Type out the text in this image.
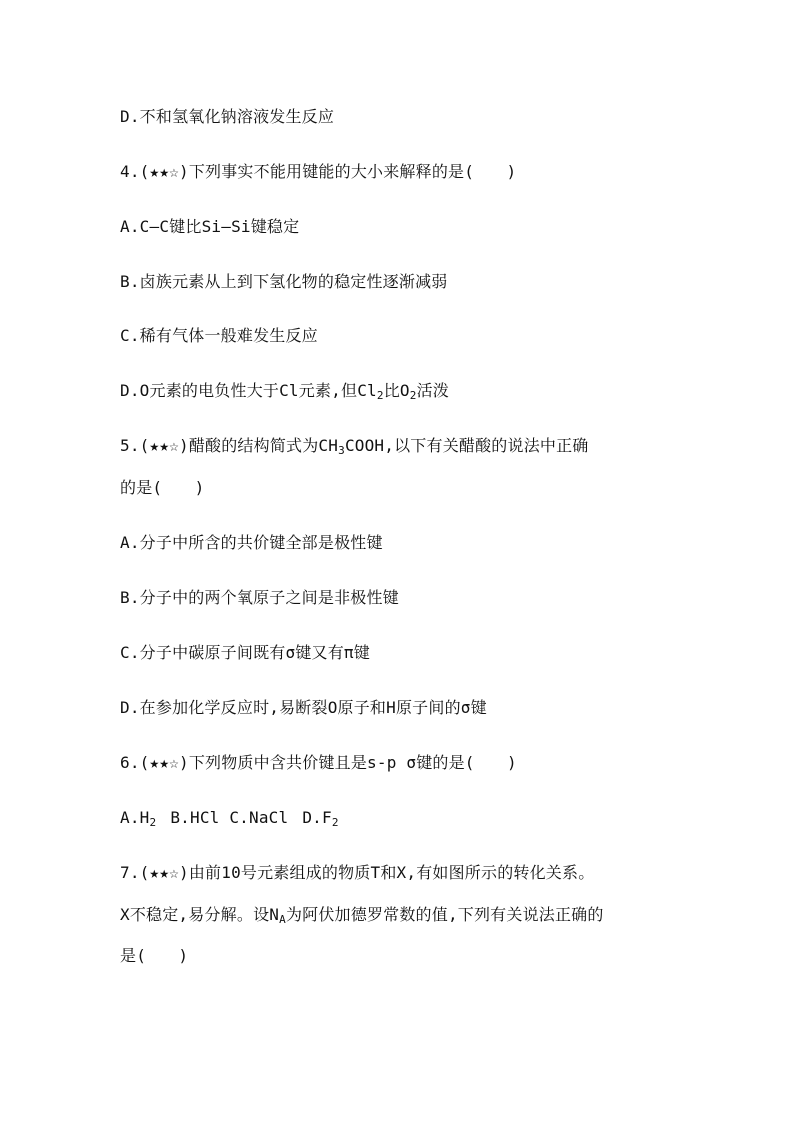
D.不和氢氧化钠溶液发生反应
4.(★★☆)下列事实不能用键能的大小来解释的是(　　)
A.C—C键比Si—Si键稳定
B.卤族元素从上到下氢化物的稳定性逐渐减弱
C.稀有气体一般难发生反应
D.O元素的电负性大于Cl元素,但$Cl_2$比$O_2$活泼
5.(★★☆)醋酸的结构简式为$CH_3COOH$,以下有关醋酸的说法中正确
的是(　　)
A.分子中所含的共价键全部是极性键
B.分子中的两个氧原子之间是非极性键
C.分子中碳原子间既有σ键又有π键
D.在参加化学反应时,易断裂O原子和H原子间的σ键
6.(★★☆)下列物质中含共价键且是s-p σ键的是(　　)
$A.H_2$ B.HCl C.NaCl $D.F_2$
7.(★★☆)由前10号元素组成的物质T和X,有如图所示的转化关系。
X不稳定,易分解。设$N_A$为阿伏加德罗常数的值,下列有关说法正确的
是(　　)
